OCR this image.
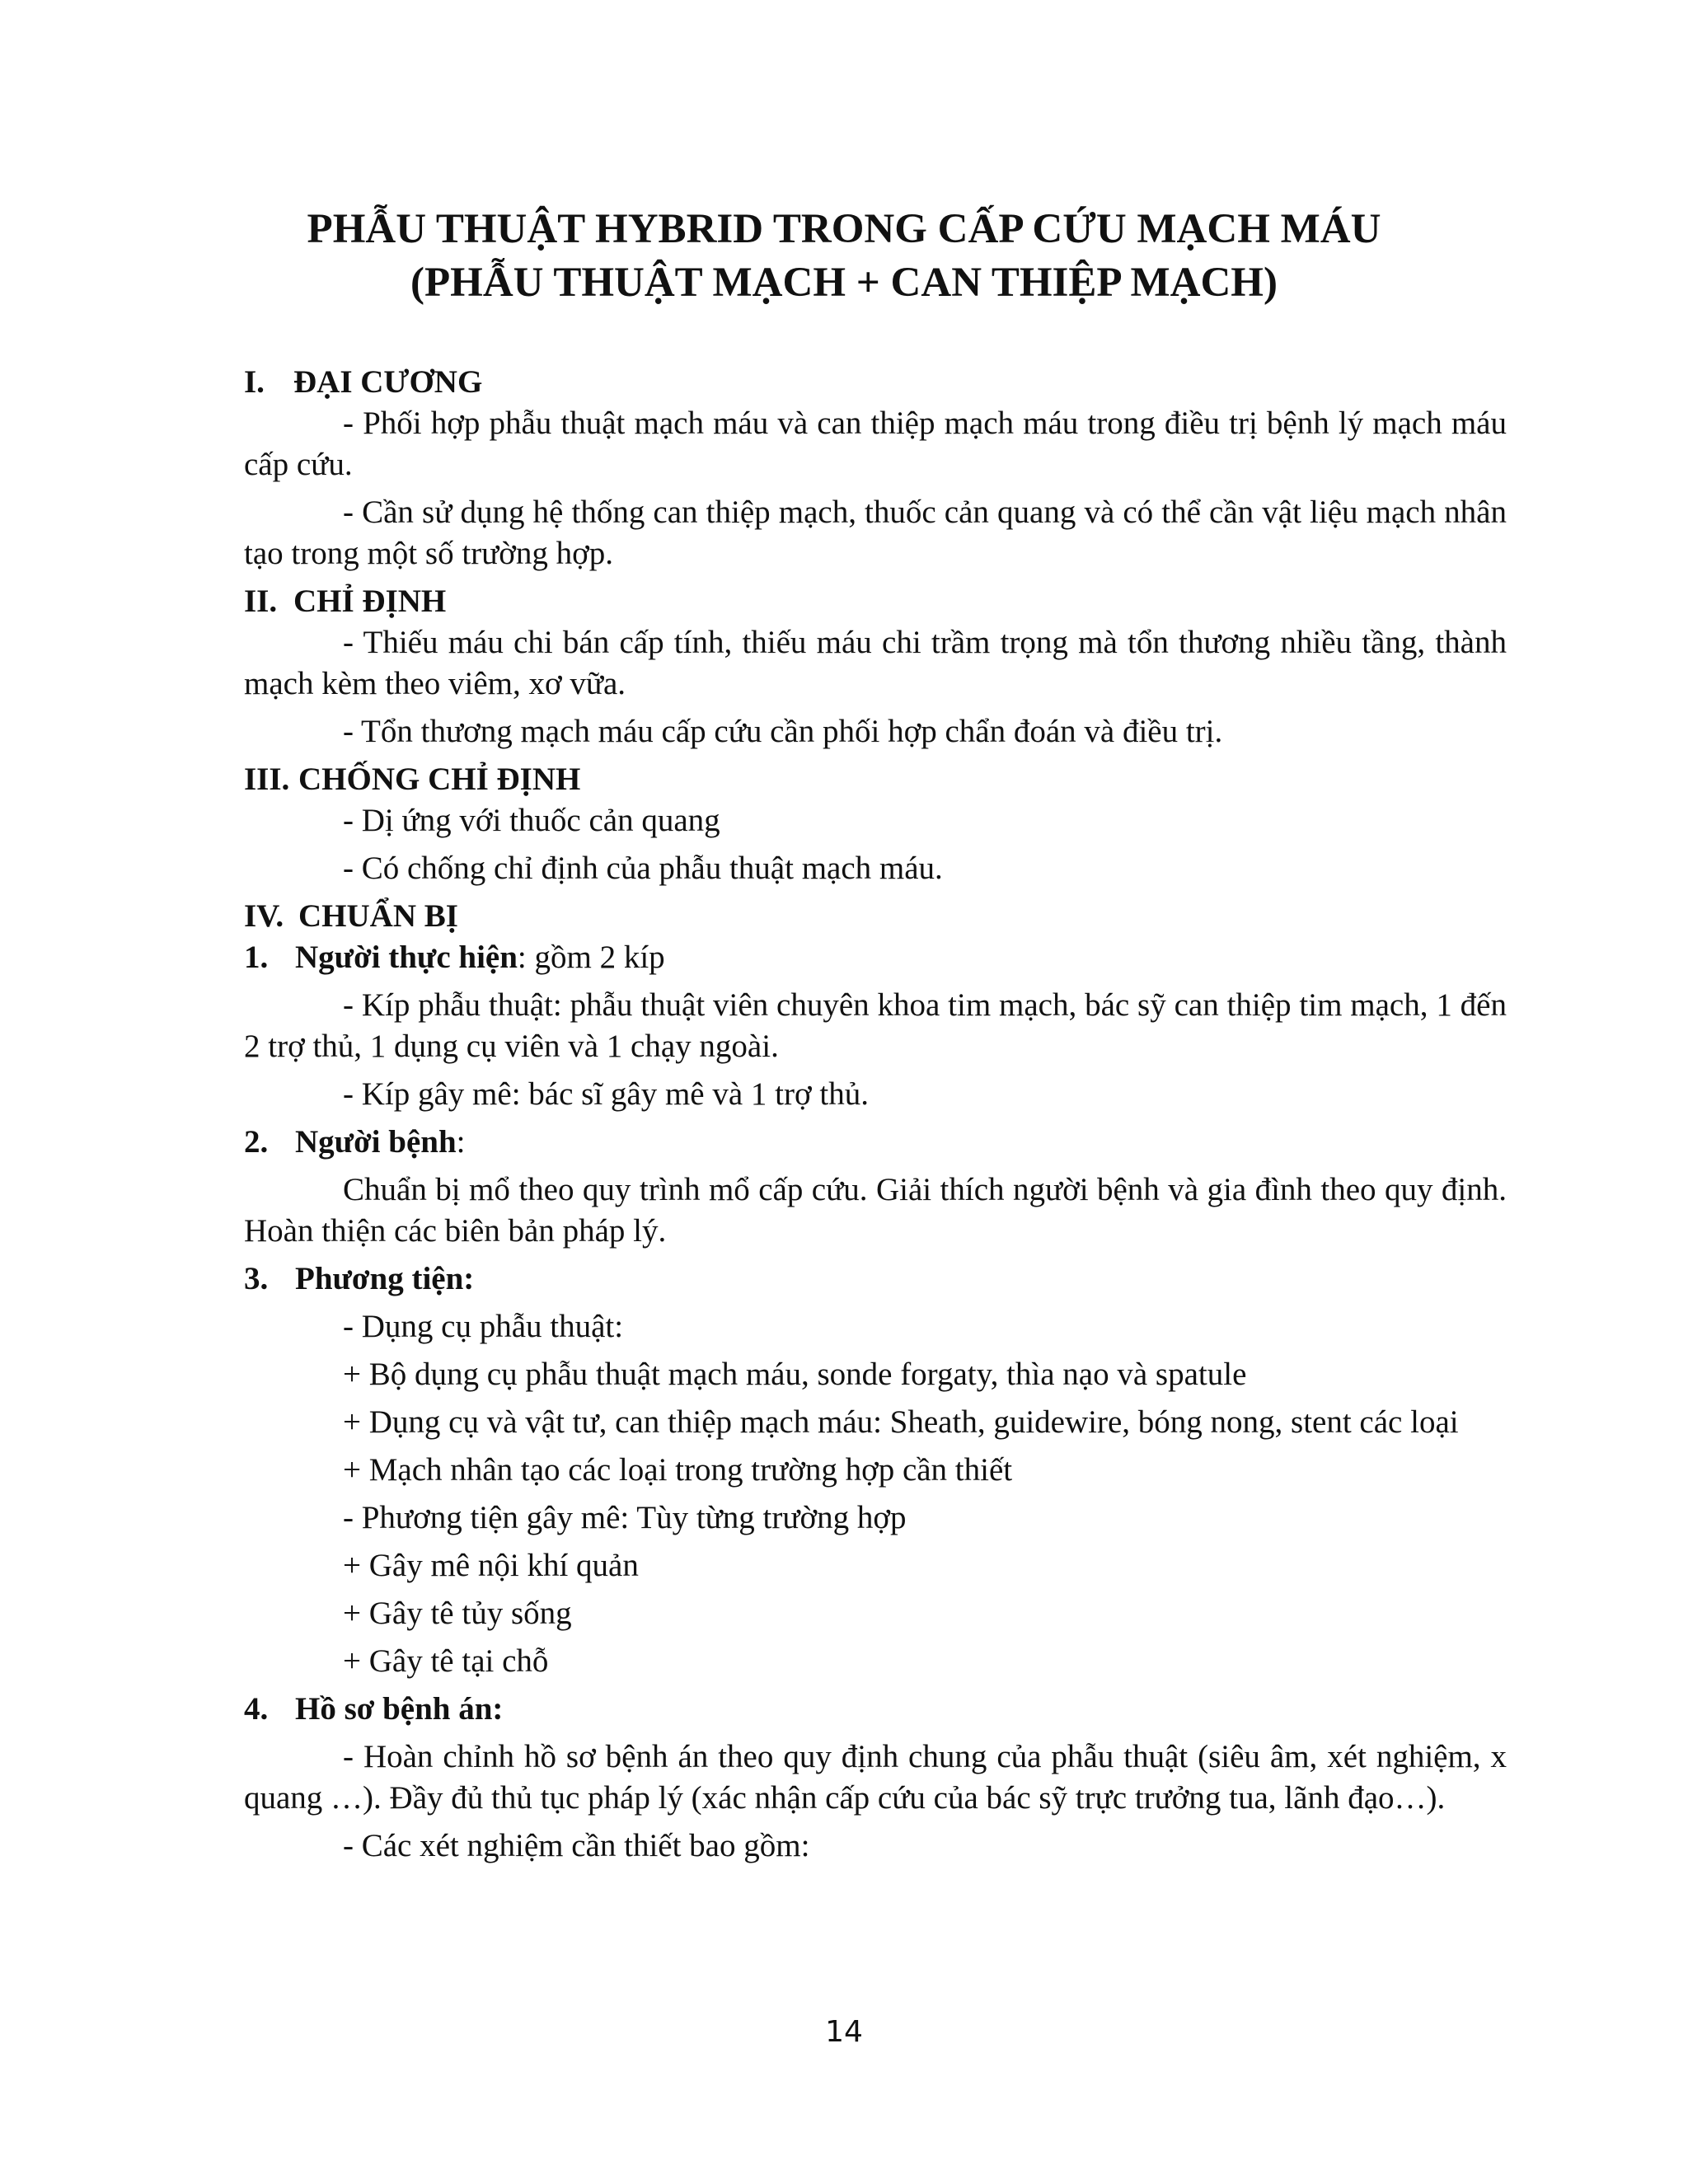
PHẪU THUẬT HYBRID TRONG CẤP CỨU MẠCH MÁU
(PHẪU THUẬT MẠCH + CAN THIỆP MẠCH)

I. ĐẠI CƯƠNG

- Phối hợp phẫu thuật mạch máu và can thiệp mạch máu trong điều trị bệnh lý mạch máu cấp cứu.

- Cần sử dụng hệ thống can thiệp mạch, thuốc cản quang và có thể cần vật liệu mạch nhân tạo trong một số trường hợp.

II. CHỈ ĐỊNH

- Thiếu máu chi bán cấp tính, thiếu máu chi trầm trọng mà tổn thương nhiều tầng, thành mạch kèm theo viêm, xơ vữa.

- Tổn thương mạch máu cấp cứu cần phối hợp chẩn đoán và điều trị.

III. CHỐNG CHỈ ĐỊNH

- Dị ứng với thuốc cản quang

- Có chống chỉ định của phẫu thuật mạch máu.

IV. CHUẨN BỊ

1. Người thực hiện: gồm 2 kíp

- Kíp phẫu thuật: phẫu thuật viên chuyên khoa tim mạch, bác sỹ can thiệp tim mạch, 1 đến 2 trợ thủ, 1 dụng cụ viên và 1 chạy ngoài.

- Kíp gây mê: bác sĩ gây mê và 1 trợ thủ.

2. Người bệnh:

Chuẩn bị mổ theo quy trình mổ cấp cứu. Giải thích người bệnh và gia đình theo quy định. Hoàn thiện các biên bản pháp lý.

3. Phương tiện:

- Dụng cụ phẫu thuật:

+ Bộ dụng cụ phẫu thuật mạch máu, sonde forgaty, thìa nạo và spatule

+ Dụng cụ và vật tư, can thiệp mạch máu: Sheath, guidewire, bóng nong, stent các loại

+ Mạch nhân tạo các loại trong trường hợp cần thiết

- Phương tiện gây mê: Tùy từng trường hợp

+ Gây mê nội khí quản

+ Gây tê tủy sống

+ Gây tê tại chỗ

4. Hồ sơ bệnh án:

- Hoàn chỉnh hồ sơ bệnh án theo quy định chung của phẫu thuật (siêu âm, xét nghiệm, x quang …). Đầy đủ thủ tục pháp lý (xác nhận cấp cứu của bác sỹ trực trưởng tua, lãnh đạo…).

- Các xét nghiệm cần thiết bao gồm:

14
